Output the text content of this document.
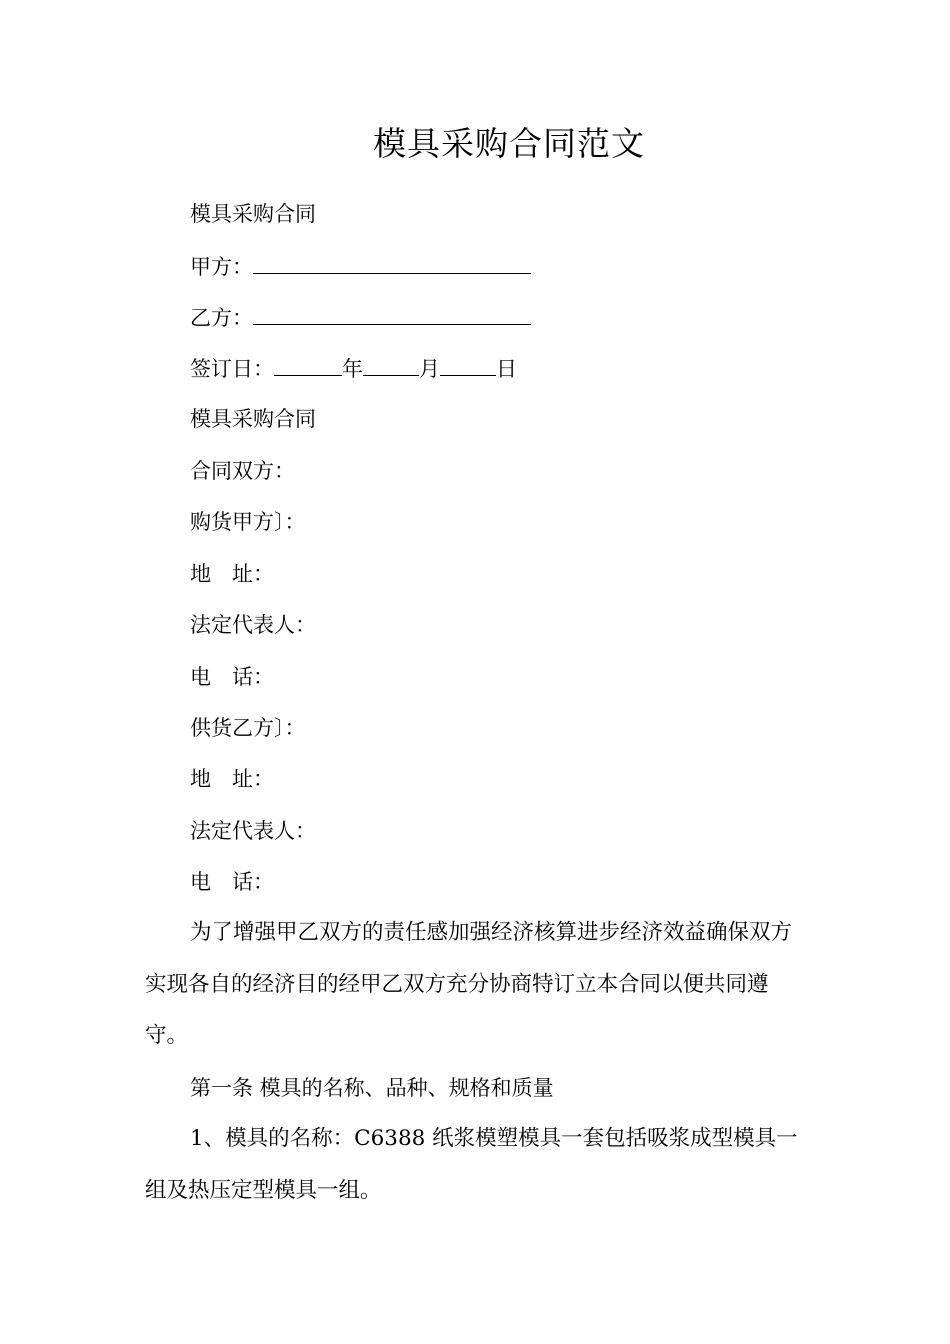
模具采购合同范文
模具采购合同
甲方：
乙方：
签订日：	年	月	日
模具采购合同
合同双方：
购货甲方〕：
地　址：
法定代表人：
电　话：
供货乙方〕：
地　址：
法定代表人：
电　话：

为了增强甲乙双方的责任感加强经济核算进步经济效益确保双方实现各自的经济目的经甲乙双方充分协商特订立本合同以便共同遵守。

第一条 模具的名称、品种、规格和质量

1、模具的名称：C6388 纸浆模塑模具一套包括吸浆成型模具一组及热压定型模具一组。
